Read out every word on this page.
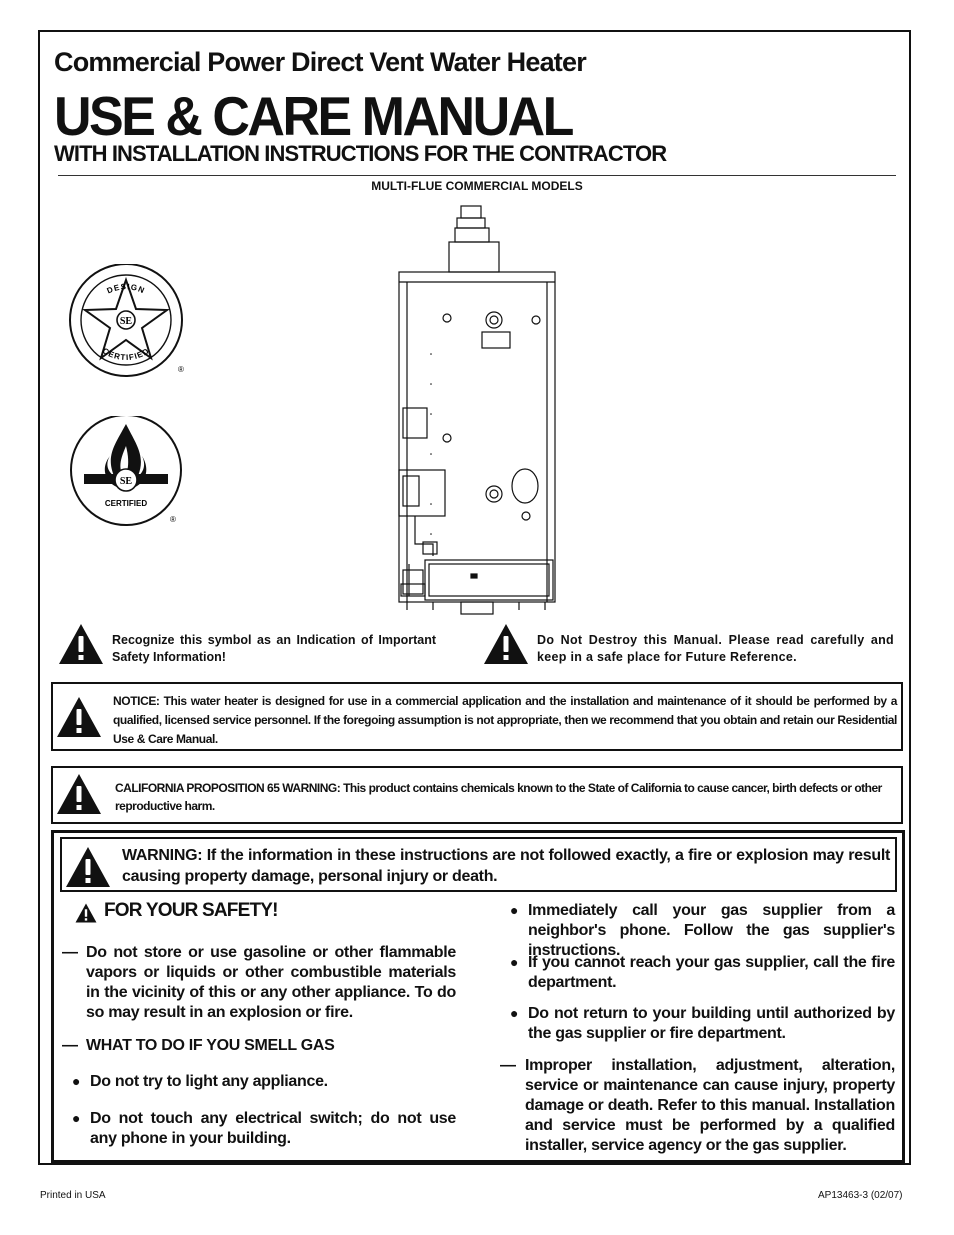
Commercial Power Direct Vent Water Heater
USE & CARE MANUAL
WITH INSTALLATION INSTRUCTIONS FOR THE CONTRACTOR
MULTI-FLUE COMMERCIAL MODELS
SE
DESIGN
CERTIFIED
®
SE
CERTIFIED
®
Recognize this symbol as an Indication of Important Safety Information!
Do Not Destroy this Manual. Please read carefully and keep in a safe place for Future Reference.
NOTICE: This water heater is designed for use in a commercial application and the installation and maintenance of it should be performed by a qualified, licensed service personnel. If the foregoing assumption is not appropriate, then we recommend that you obtain and retain our Residential Use & Care Manual.
CALIFORNIA PROPOSITION 65 WARNING: This product contains chemicals known to the State of California to cause cancer, birth defects or other reproductive harm.
WARNING: If the information in these instructions are not followed exactly, a fire or explosion may result causing property damage, personal injury or death.
FOR YOUR SAFETY!
— Do not store or use gasoline or other flammable vapors or liquids or other combustible materials in the vicinity of this or any other appliance. To do so may result in an explosion or fire.
— WHAT TO DO IF YOU SMELL GAS
● Do not try to light any appliance.
● Do not touch any electrical switch; do not use any phone in your building.
● Immediately call your gas supplier from a neighbor's phone. Follow the gas supplier's instructions.
● If you cannot reach your gas supplier, call the fire department.
● Do not return to your building until authorized by the gas supplier or fire department.
— Improper installation, adjustment, alteration, service or maintenance can cause injury, property damage or death. Refer to this manual. Installation and service must be performed by a qualified installer, service agency or the gas supplier.
Printed in USA	AP13463-3 (02/07)
